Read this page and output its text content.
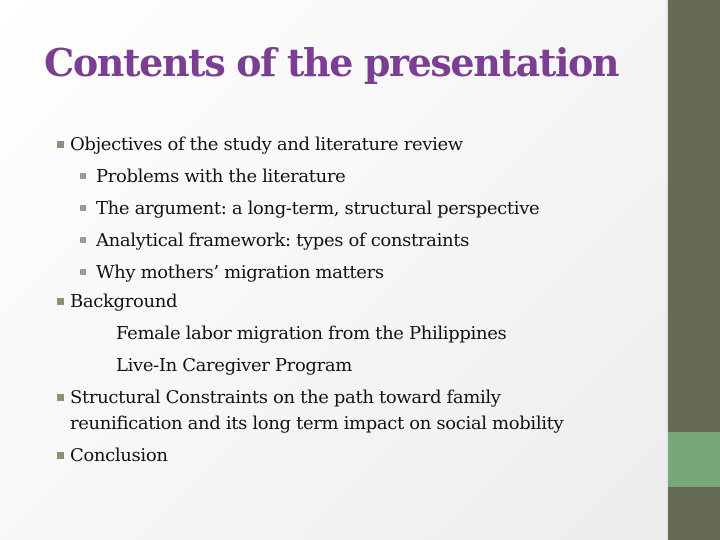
Contents of the presentation
Objectives of the study and literature review
Problems with the literature
The argument: a long-term, structural perspective
Analytical framework: types of constraints
Why mothers’ migration matters
Background
Female labor migration from the Philippines
Live-In Caregiver Program
Structural Constraints on the path toward family
reunification and its long term impact on social mobility
Conclusion
